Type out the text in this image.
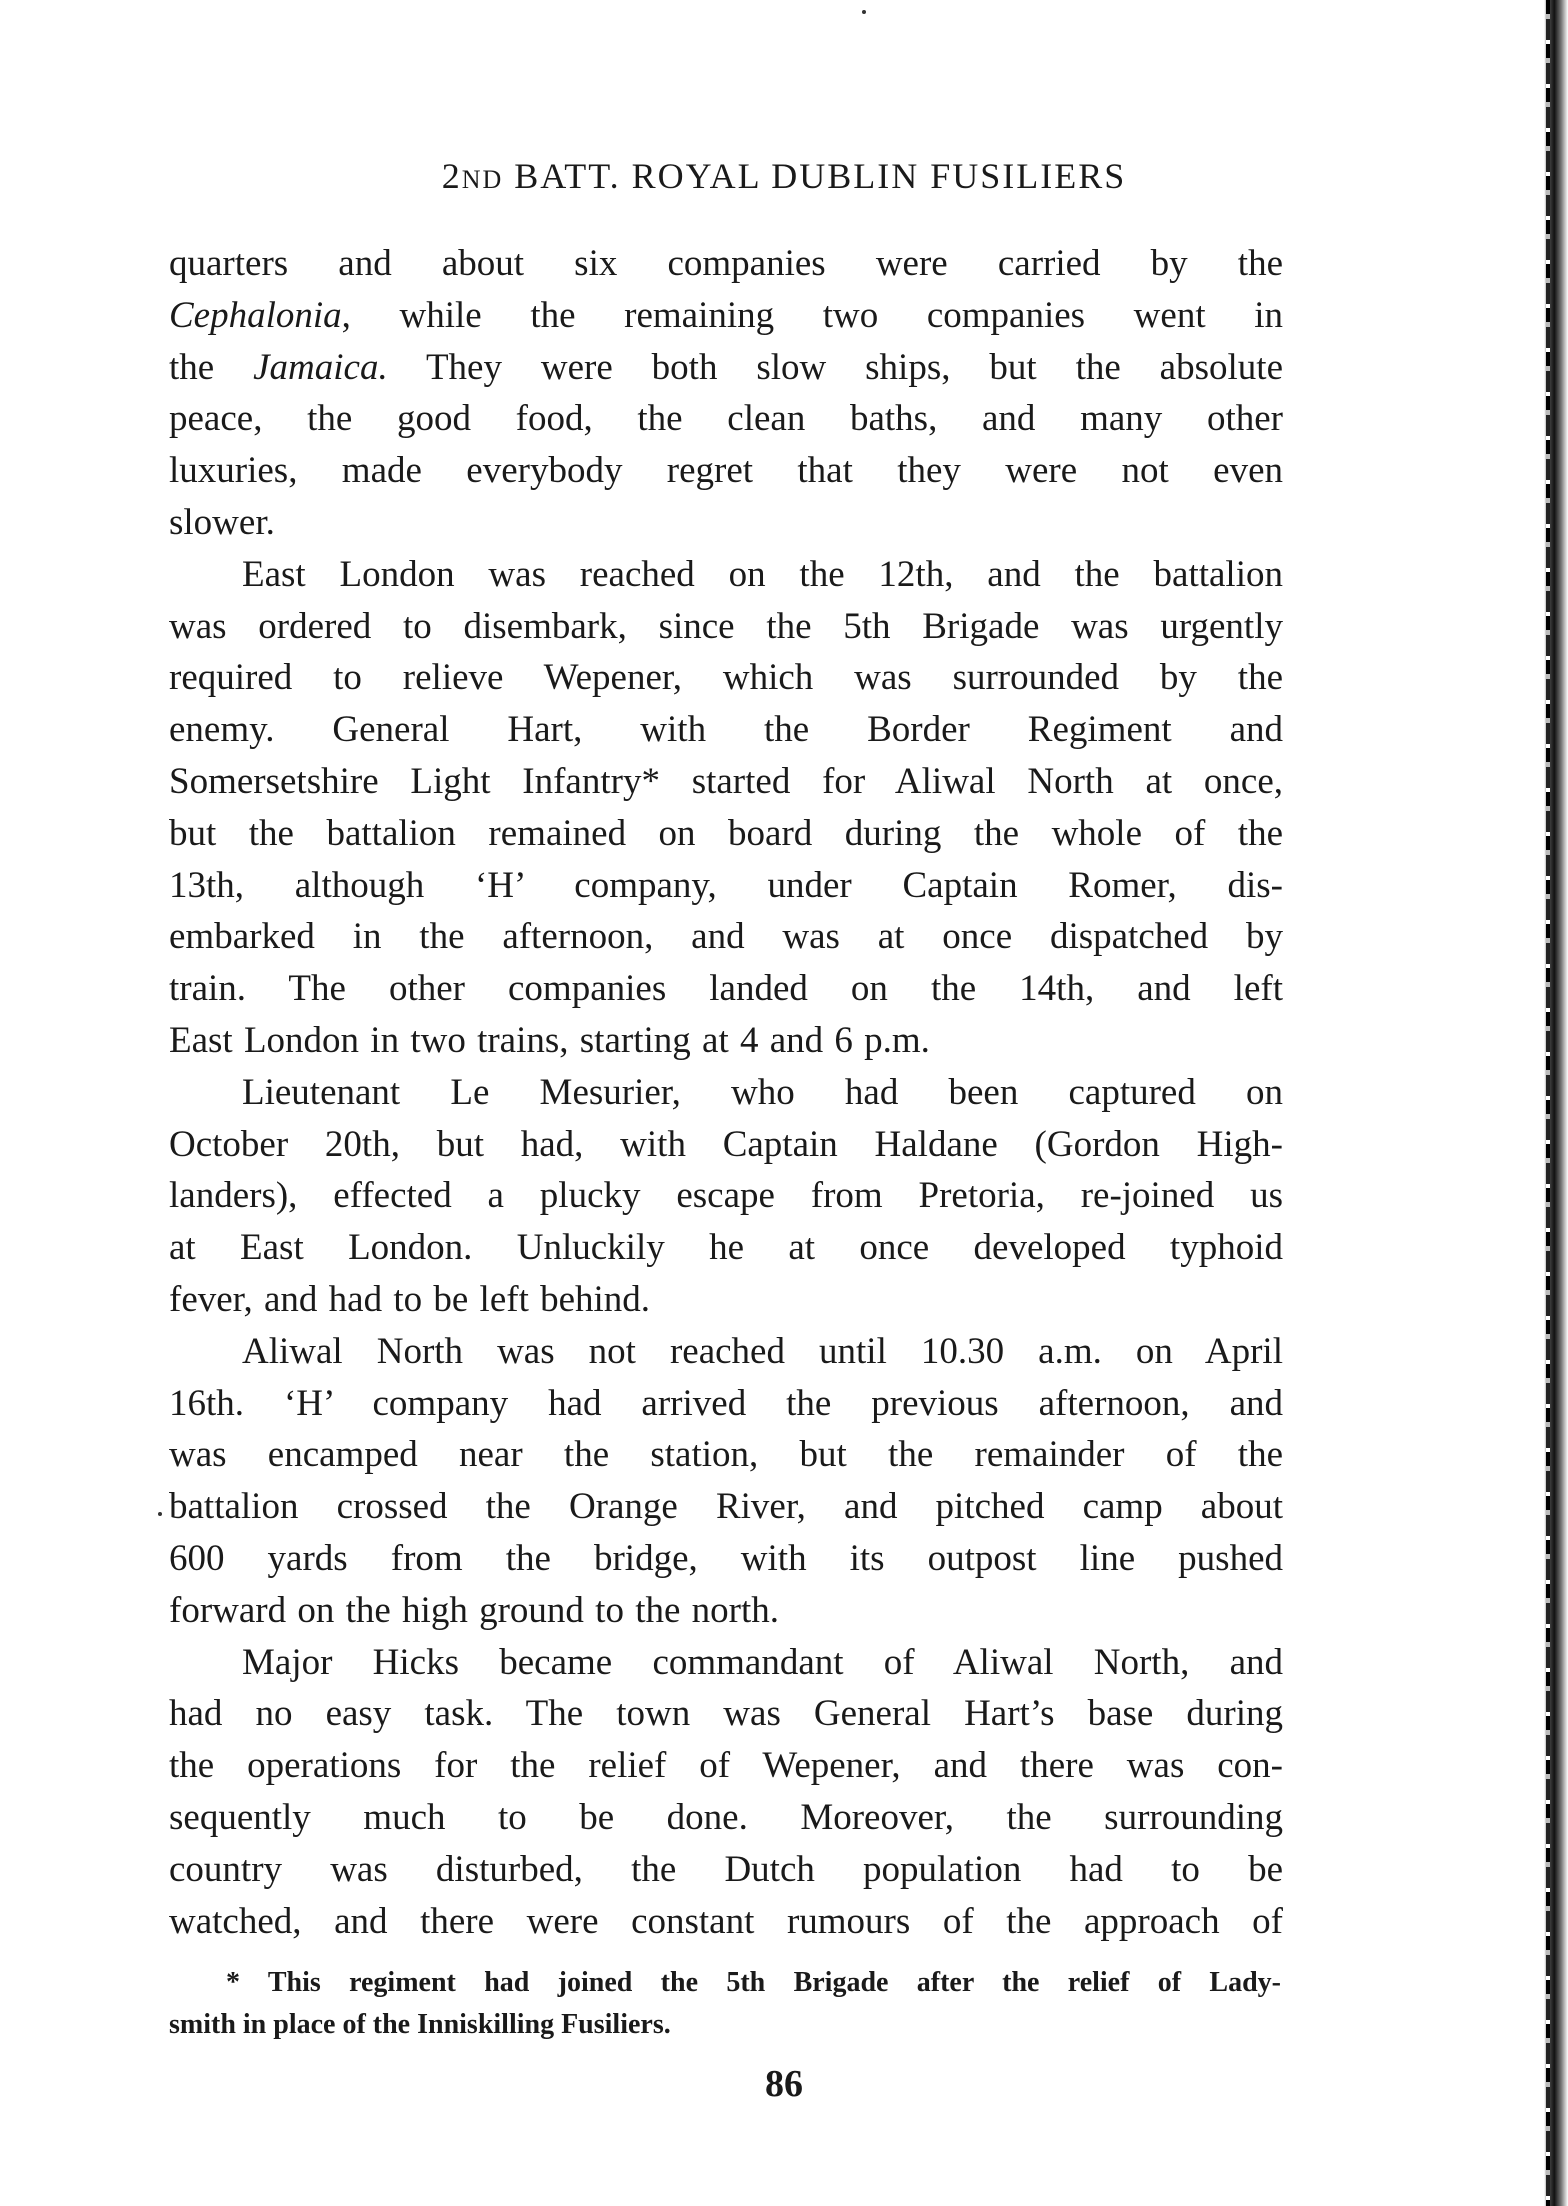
2ND BATT. ROYAL DUBLIN FUSILIERS
quarters and about six companies were carried by the
Cephalonia, while the remaining two companies went in
the Jamaica. They were both slow ships, but the absolute
peace, the good food, the clean baths, and many other
luxuries, made everybody regret that they were not even
slower.
East London was reached on the 12th, and the battalion
was ordered to disembark, since the 5th Brigade was urgently
required to relieve Wepener, which was surrounded by the
enemy. General Hart, with the Border Regiment and
Somersetshire Light Infantry* started for Aliwal North at once,
but the battalion remained on board during the whole of the
13th, although ‘H’ company, under Captain Romer, dis-
embarked in the afternoon, and was at once dispatched by
train. The other companies landed on the 14th, and left
East London in two trains, starting at 4 and 6 p.m.
Lieutenant Le Mesurier, who had been captured on
October 20th, but had, with Captain Haldane (Gordon High-
landers), effected a plucky escape from Pretoria, re-joined us
at East London. Unluckily he at once developed typhoid
fever, and had to be left behind.
Aliwal North was not reached until 10.30 a.m. on April
16th. ‘H’ company had arrived the previous afternoon, and
was encamped near the station, but the remainder of the
battalion crossed the Orange River, and pitched camp about
600 yards from the bridge, with its outpost line pushed
forward on the high ground to the north.
Major Hicks became commandant of Aliwal North, and
had no easy task. The town was General Hart’s base during
the operations for the relief of Wepener, and there was con-
sequently much to be done. Moreover, the surrounding
country was disturbed, the Dutch population had to be
watched, and there were constant rumours of the approach of
* This regiment had joined the 5th Brigade after the relief of Lady-
smith in place of the Inniskilling Fusiliers.
86
